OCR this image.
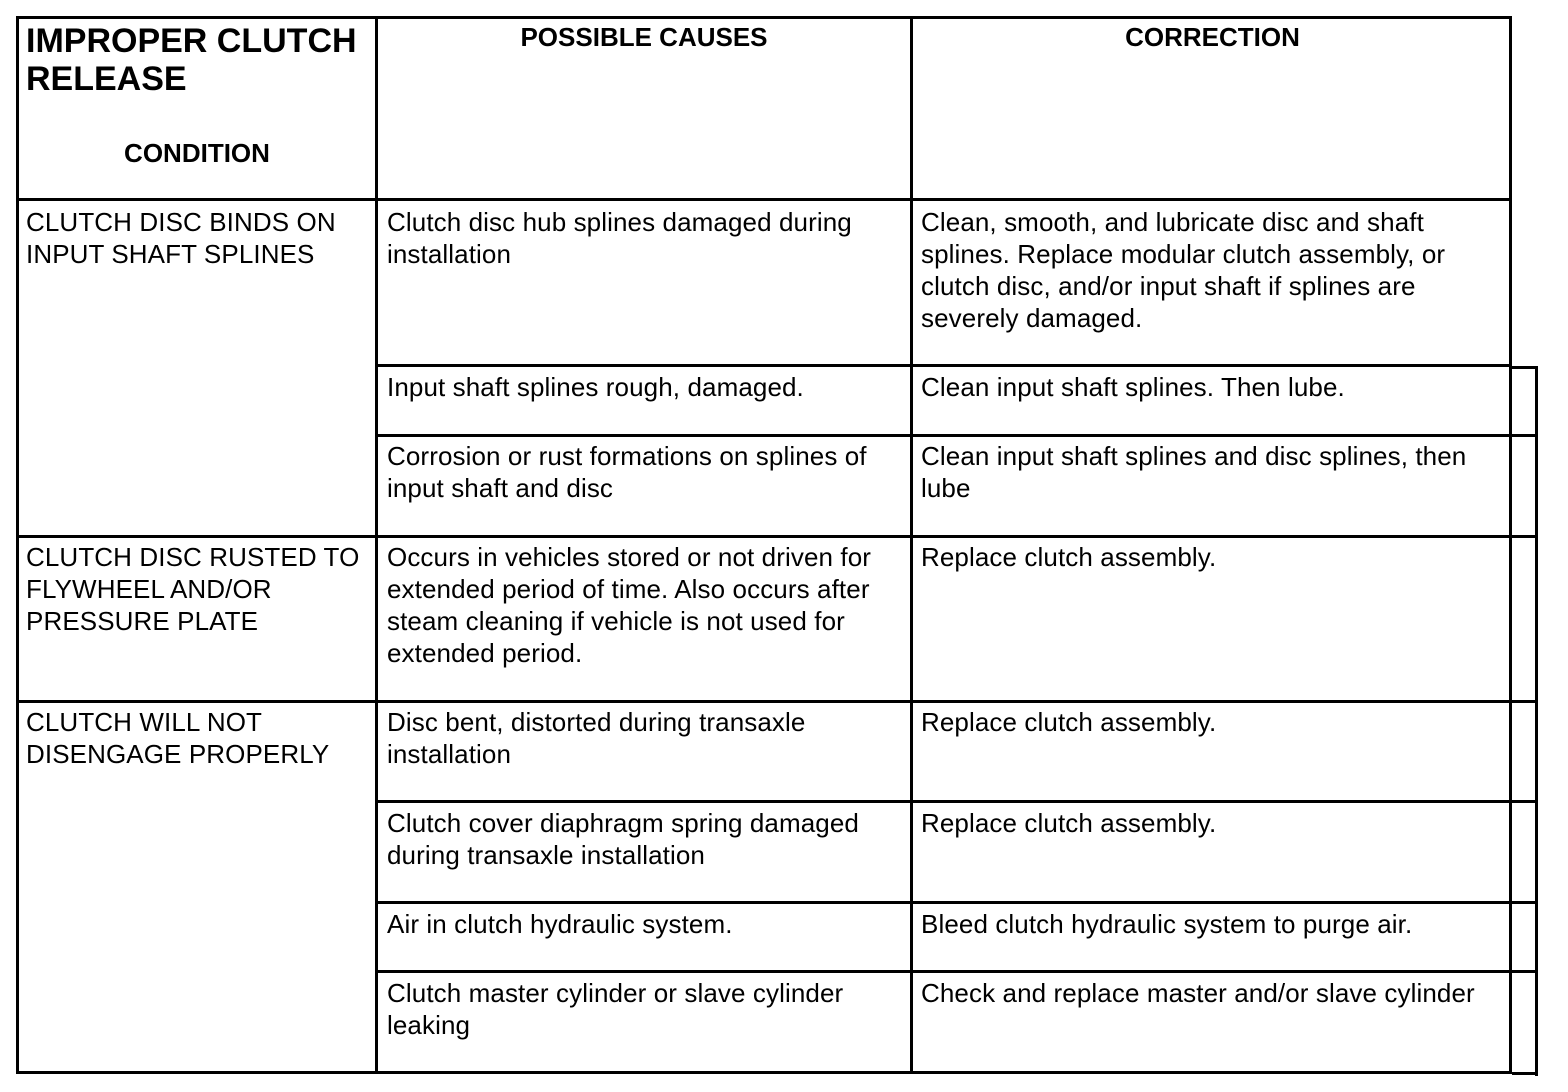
IMPROPER CLUTCH RELEASE
CONDITION
POSSIBLE CAUSES	CORRECTION
CLUTCH DISC BINDS ON INPUT SHAFT SPLINES
CLUTCH DISC RUSTED TO FLYWHEEL AND/OR PRESSURE PLATE
CLUTCH WILL NOT DISENGAGE PROPERLY
Clutch disc hub splines damaged during installation
Input shaft splines rough, damaged.
Corrosion or rust formations on splines of input shaft and disc
Occurs in vehicles stored or not driven for extended period of time. Also occurs after steam cleaning if vehicle is not used for extended period.
Disc bent, distorted during transaxle installation
Clutch cover diaphragm spring damaged during transaxle installation
Air in clutch hydraulic system.
Clutch master cylinder or slave cylinder leaking
Clean, smooth, and lubricate disc and shaft splines. Replace modular clutch assembly, or clutch disc, and/or input shaft if splines are severely damaged.
Clean input shaft splines. Then lube.
Clean input shaft splines and disc splines, then lube
Replace clutch assembly.
Replace clutch assembly.
Replace clutch assembly.
Bleed clutch hydraulic system to purge air.
Check and replace master and/or slave cylinder
